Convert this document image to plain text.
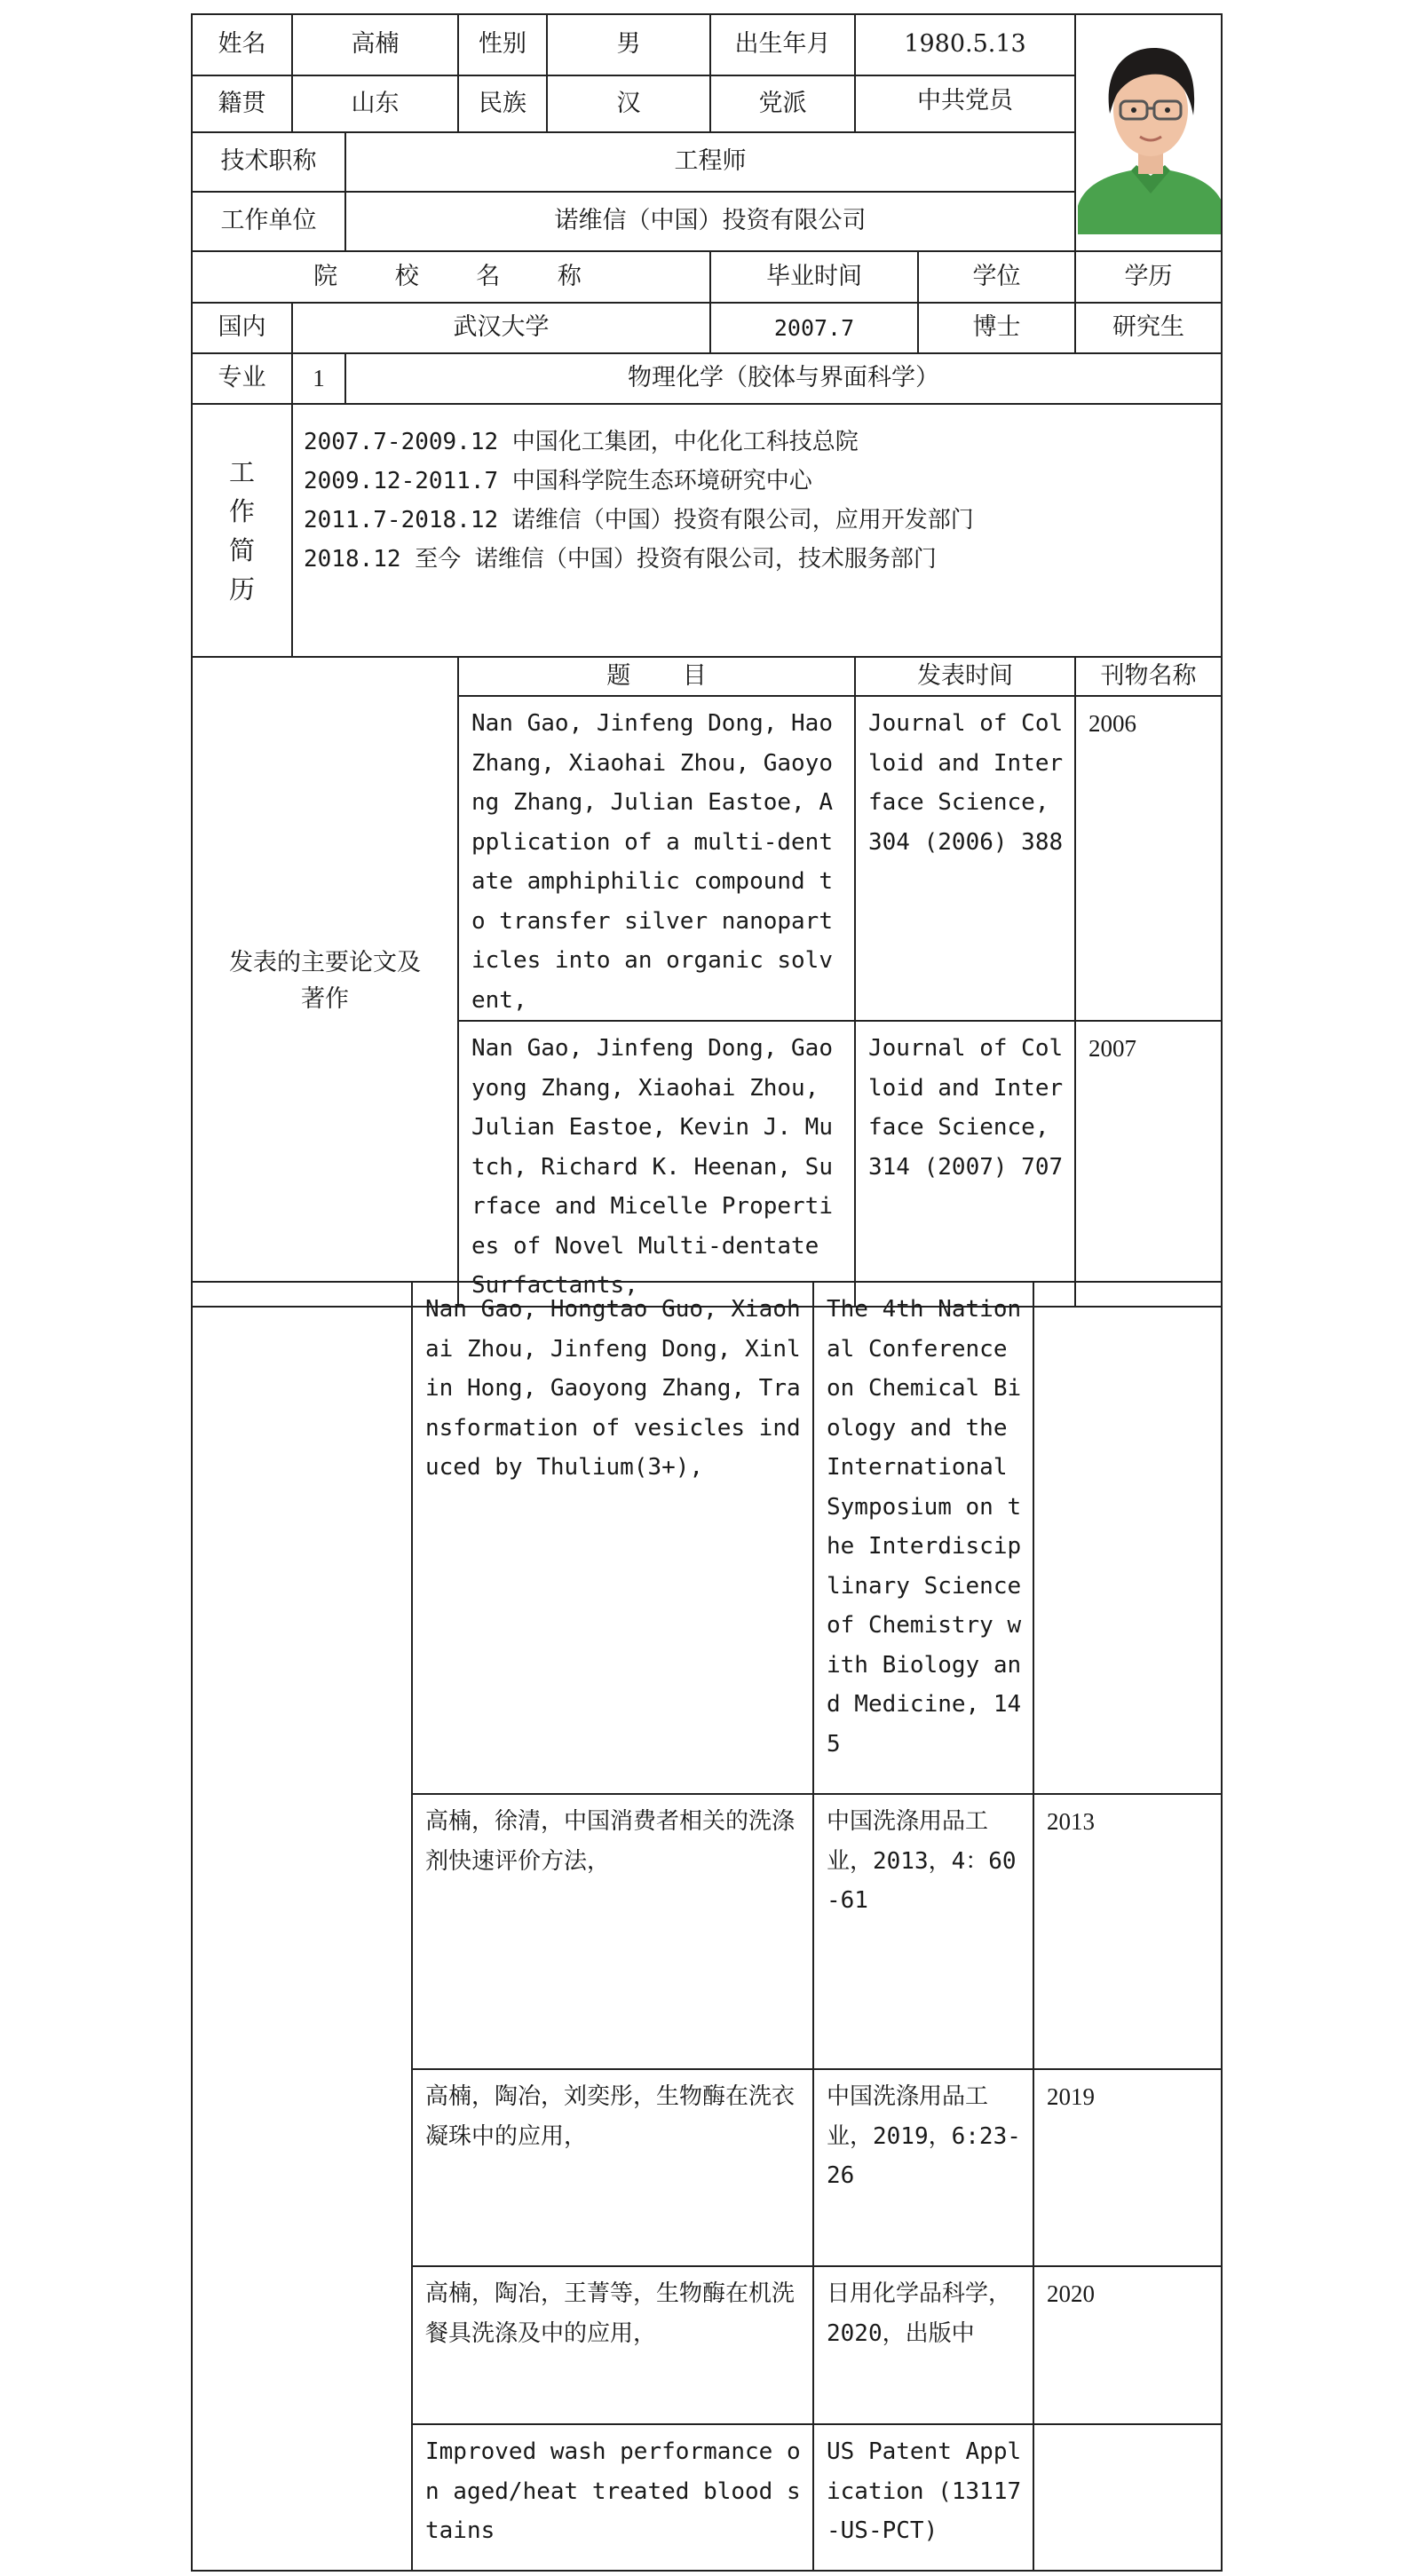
姓名	高楠		性别	男	出生年月	1980.5.13	

籍贯	山东		民族	汉	党派	中共党员		
技术职称		工程师						
工作单位		诺维信（中国）投资有限公司						
院 校 名 称					毕业时间		学位	学历
国内	武汉大学				2007.7		博士	研究生
专业	1	物理化学（胶体与界面科学）						
工作简历	2007.7-2009.12 中国化工集团，中化化工科技总院
2009.12-2011.7 中国科学院生态环境研究中心
2011.7-2018.12 诺维信（中国）投资有限公司，应用开发部门
2018.12 至今 诺维信（中国）投资有限公司，技术服务部门							

发表的主要论文及著作			题 目			发表时间		刊物名称
			Nan Gao, Jinfeng Dong, Hao Zhang, Xiaohai Zhou, Gaoyong Zhang, Julian Eastoe, Application of a multi-dentate amphiphilic compound to transfer silver nanoparticles into an organic solvent,			Journal of Colloid and Interface Science, 304 (2006) 388		2006
			Nan Gao, Jinfeng Dong, Gaoyong Zhang, Xiaohai Zhou, Julian Eastoe, Kevin J. Mutch, Richard K. Heenan, Surface and Micelle Properties of Novel Multi-dentate Surfactants,			Journal of Colloid and Interface Science, 314 (2007) 707		2007
	Nan Gao, Hongtao Guo, Xiaohai Zhou, Jinfeng Dong, Xinlin Hong, Gaoyong Zhang, Transformation of vesicles induced by Thulium(3+),	The 4th National Conference on Chemical Biology and the International Symposium on the Interdisciplinary Science of Chemistry with Biology and Medicine, 145	
	高楠，徐清，中国消费者相关的洗涤剂快速评价方法，	中国洗涤用品工业，2013，4：60-61	2013
	高楠，陶冶，刘奕彤，生物酶在洗衣凝珠中的应用，	中国洗涤用品工业，2019，6:23-26	2019
	高楠，陶冶，王菁等，生物酶在机洗餐具洗涤及中的应用，	日用化学品科学，2020，出版中	2020
	Improved wash performance on aged/heat treated blood stains	US Patent Application (13117-US-PCT)	
